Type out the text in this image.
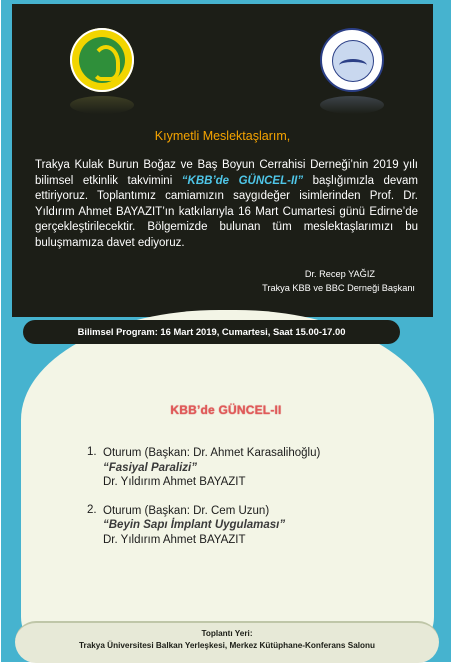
Kıymetli Meslektaşlarım,
Trakya Kulak Burun Boğaz ve Baş Boyun Cerrahisi Derneği’nin 2019 yılı bilimsel etkinlik takvimini “KBB’de GÜNCEL-II” başlığımızla devam ettiriyoruz. Toplantımız camiamızın saygıdeğer isimlerinden Prof. Dr. Yıldırım Ahmet BAYAZIT’ın katkılarıyla 16 Mart Cumartesi günü Edirne’de gerçekleştirilecektir. Bölgemizde bulunan tüm meslektaşlarımızı bu buluşmamıza davet ediyoruz.
Dr. Recep YAĞIZ
Trakya KBB ve BBC Derneği Başkanı
Bilimsel Program: 16 Mart 2019, Cumartesi, Saat 15.00-17.00
KBB’de GÜNCEL-II
1. Oturum (Başkan: Dr. Ahmet Karasalihoğlu)
“Fasiyal Paralizi”
Dr. Yıldırım Ahmet BAYAZIT
2. Oturum (Başkan: Dr. Cem Uzun)
“Beyin Sapı İmplant Uygulaması”
Dr. Yıldırım Ahmet BAYAZIT
Toplantı Yeri:
Trakya Üniversitesi Balkan Yerleşkesi, Merkez Kütüphane-Konferans Salonu
